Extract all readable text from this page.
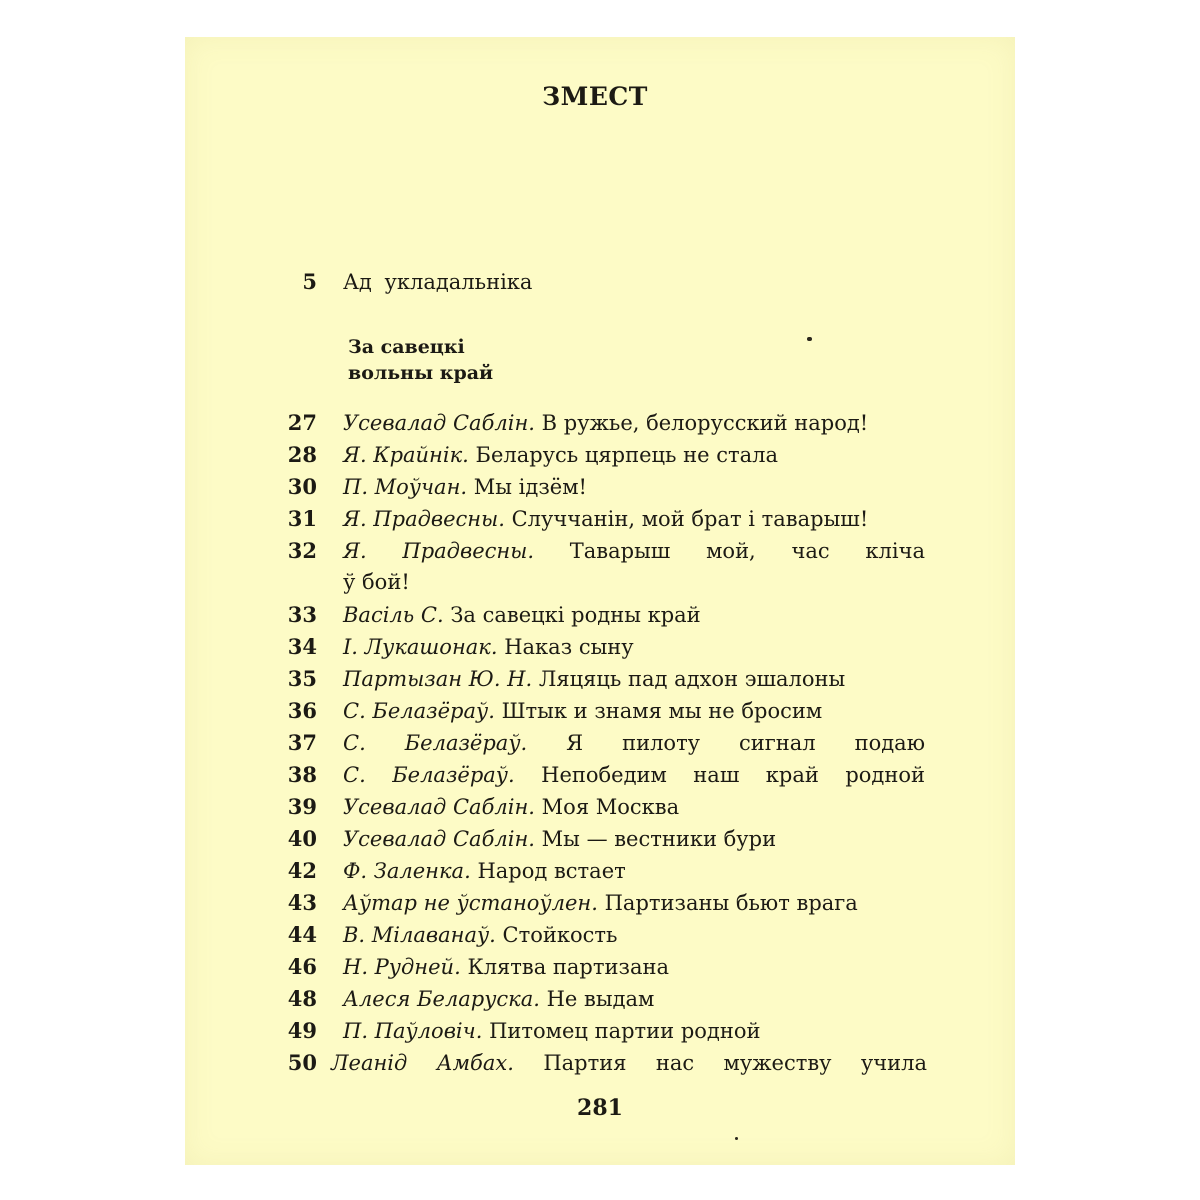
ЗМЕСТ
5 Ад укладальніка
За савецкі
вольны край
27 Усевалад Саблін. В ружье, белорусский народ!
28 Я. Крайнік. Беларусь цярпець не стала
30 П. Моўчан. Мы ідзём!
31 Я. Прадвесны. Случчанін, мой брат і таварыш!
32 Я. Прадвесны. Таварыш мой, час кліча
ў бой!
33 Васіль С. За савецкі родны край
34 І. Лукашонак. Наказ сыну
35 Партызан Ю. Н. Ляцяць пад адхон эшалоны
36 С. Белазёраў. Штык и знамя мы не бросим
37 С. Белазёраў. Я пилоту сигнал подаю
38 С. Белазёраў. Непобедим наш край родной
39 Усевалад Саблін. Моя Москва
40 Усевалад Саблін. Мы — вестники бури
42 Ф. Заленка. Народ встает
43 Аўтар не ўстаноўлен. Партизаны бьют врага
44 В. Мілаванаў. Стойкость
46 Н. Рудней. Клятва партизана
48 Алеся Беларуска. Не выдам
49 П. Паўловіч. Питомец партии родной
50 Леанід Амбах. Партия нас мужеству учила
281
